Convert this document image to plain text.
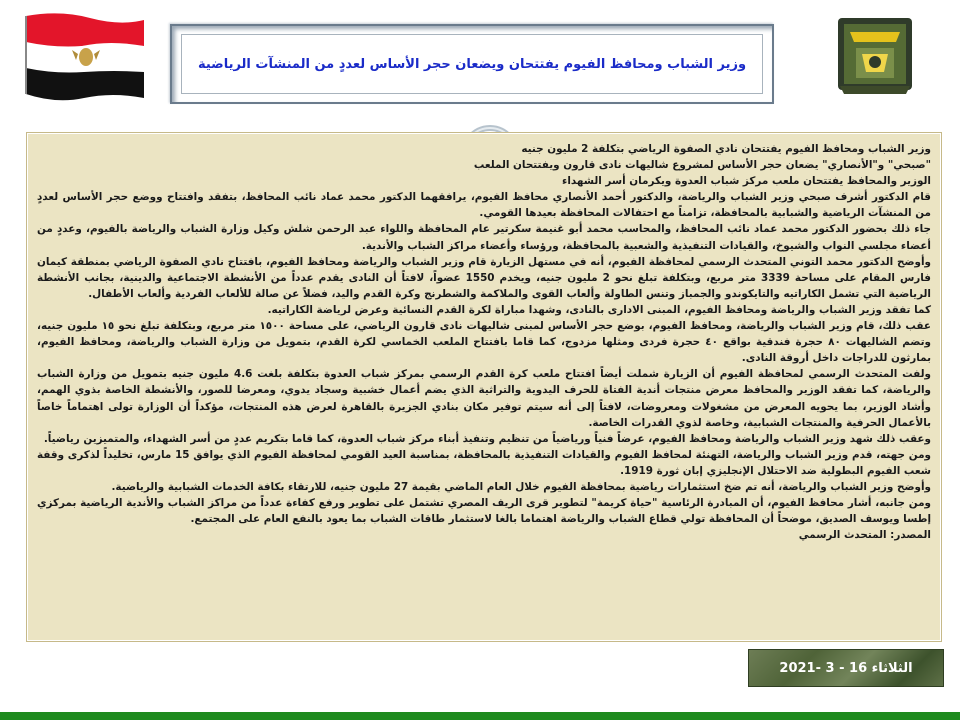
وزير الشباب ومحافظ الفيوم يفتتحان ويضعان حجر الأساس لعددٍ من المنشآت الرياضية

وزير الشباب ومحافظ الفيوم يفتتحان نادي الصفوة الرياضي بتكلفة 2 مليون جنيه

"صبحي" و"الأنصاري" يضعان حجر الأساس لمشروع شاليهات نادى قارون ويفتتحان الملعب

الوزير والمحافظ يفتتحان ملعب مركز شباب العدوة ويكرمان أسر الشهداء

قام الدكتور أشرف صبحي وزير الشباب والرياضة، والدكتور أحمد الأنصاري محافظ الفيوم، يرافقهما الدكتور محمد عماد نائب المحافظ، بتفقد وافتتاح ووضع حجر الأساس لعددٍ من المنشآت الرياضية والشبابية بالمحافظة، تزامناً مع احتفالات المحافظة بعيدها القومي.

جاء ذلك بحضور الدكتور محمد عماد نائب المحافظ، والمحاسب محمد أبو غنيمة سكرتير عام المحافظة واللواء عبد الرحمن شلش وكيل وزارة الشباب والرياضة بالفيوم، وعددٍ من أعضاء مجلسي النواب والشيوخ، والقيادات التنفيذية والشعبية بالمحافظة، ورؤساء وأعضاء مراكز الشباب والأندية.

وأوضح الدكتور محمد التوني المتحدث الرسمي لمحافظة الفيوم، أنه في مستهل الزيارة قام وزير الشباب والرياضة ومحافظ الفيوم، بافتتاح نادي الصفوة الرياضي بمنطقة كيمان فارس المقام على مساحة 3339 متر مربع، وبتكلفة تبلغ نحو 2 مليون جنيه، ويخدم 1550 عضواً، لافتاً أن النادى يقدم عدداً من الأنشطة الاجتماعية والدينية، بجانب الأنشطة الرياضية التي تشمل الكاراتيه والتايكوندو والجمباز وتنس الطاولة وألعاب القوى والملاكمة والشطرنج وكرة القدم واليد، فضلاً عن صالة للألعاب الفردية وألعاب الأطفال.

كما تفقد وزير الشباب والرياضة ومحافظ الفيوم، المبنى الادارى بالنادى، وشهدا مباراة لكرة القدم النسائية وعرض لرياضة الكاراتيه.

عقب ذلك، قام وزير الشباب والرياضة، ومحافظ الفيوم، بوضع حجر الأساس لمبنى شاليهات نادى قارون الرياضي، على مساحة ١٥٠٠ متر مربع، وبتكلفة تبلغ نحو ١٥ مليون جنيه، وتضم الشاليهات ٨٠ حجرة فندقية بواقع ٤٠ حجرة فردى ومثلها مزدوج، كما قاما بافتتاح الملعب الخماسي لكرة القدم، بتمويل من وزارة الشباب والرياضة، ومحافظ الفيوم، بمارثون للدراجات داخل أروقة النادى.

ولفت المتحدث الرسمي لمحافظة الفيوم أن الزيارة شملت أيضاً افتتاح ملعب كرة القدم الرسمي بمركز شباب العدوة بتكلفة بلغت 4.6 مليون جنيه بتمويل من وزارة الشباب والرياضة، كما تفقد الوزير والمحافظ معرض منتجات أندية الفتاة للحرف اليدوية والتراثية الذي يضم أعمال خشبية وسجاد يدوي، ومعرضا للصور، والأنشطة الخاصة بذوي الهمم، وأشاد الوزير، بما يحويه المعرض من مشغولات ومعروضات، لافتاً إلى أنه سيتم توفير مكان بنادي الجزيرة بالقاهرة لعرض هذه المنتجات، مؤكداً أن الوزارة تولى اهتماماً خاصاً بالأعمال الحرفية والمنتجات الشبابية، وخاصة لذوي القدرات الخاصة.

وعقب ذلك شهد وزير الشباب والرياضة ومحافظ الفيوم، عرضاً فنياً ورياضياً من تنظيم وتنفيذ أبناء مركز شباب العدوة، كما قاما بتكريم عددٍ من أسر الشهداء، والمتميزين رياضياً.

ومن جهته، قدم وزير الشباب والرياضة، التهنئة لمحافظ الفيوم والقيادات التنفيذية بالمحافظة، بمناسبة العيد القومي لمحافظة الفيوم الذي يوافق 15 مارس، تخليداً لذكرى وقفة شعب الفيوم البطولية ضد الاحتلال الإنجليزي إبان ثورة 1919.

وأوضح وزير الشباب والرياضة، أنه تم ضخ استثمارات رياضية بمحافظة الفيوم خلال العام الماضي بقيمة 27 مليون جنيه، للارتقاء بكافة الخدمات الشبابية والرياضية.

ومن جانبه، أشار محافظ الفيوم، أن المبادرة الرئاسية "حياة كريمة" لتطوير قرى الريف المصري تشتمل على تطوير ورفع كفاءة عدداً من مراكز الشباب والأندية الرياضية بمركزي إطسا ويوسف الصديق، موضحاً أن المحافظة تولي قطاع الشباب والرياضة اهتماما بالغا لاستثمار طاقات الشباب بما يعود بالنفع العام على المجتمع.

المصدر: المتحدث الرسمي

الثلاثاء 16 - 3 -2021
